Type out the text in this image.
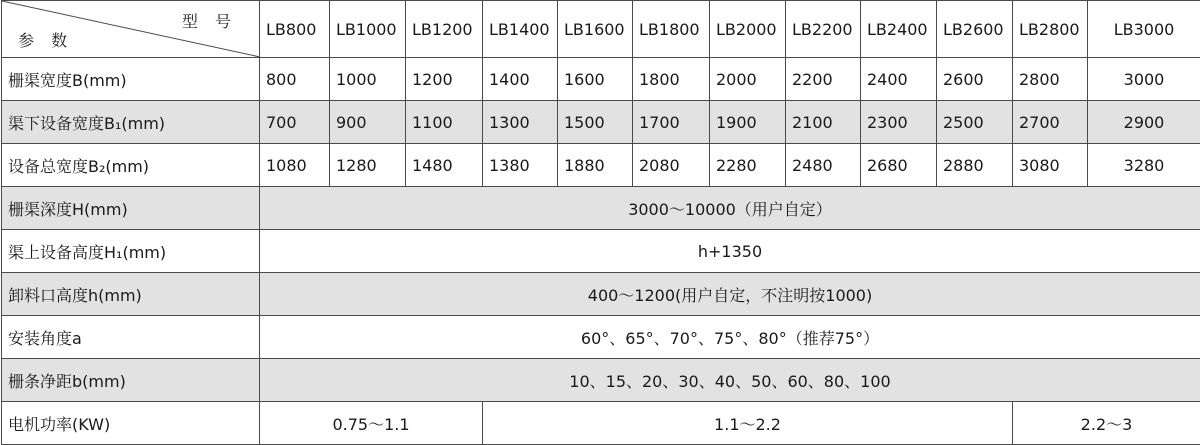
型 号
参 数	LB800	LB1000	LB1200	LB1400	LB1600	LB1800	LB2000	LB2200	LB2400	LB2600	LB2800	LB3000
栅渠宽度B(mm)	800	1000	1200	1400	1600	1800	2000	2200	2400	2600	2800	3000
渠下设备宽度B₁(mm)	700	900	1100	1300	1500	1700	1900	2100	2300	2500	2700	2900
设备总宽度B₂(mm)	1080	1280	1480	1380	1880	2080	2280	2480	2680	2880	3080	3280
栅渠深度H(mm)	3000～10000（用户自定）											
渠上设备高度H₁(mm)	h+1350											
卸料口高度h(mm)	400～1200(用户自定，不注明按1000)											
安装角度a	60°、65°、70°、75°、80°（推荐75°）											
栅条净距b(mm)	10、15、20、30、40、50、60、80、100											
电机功率(KW)	0.75～1.1			1.1～2.2							2.2～3	
